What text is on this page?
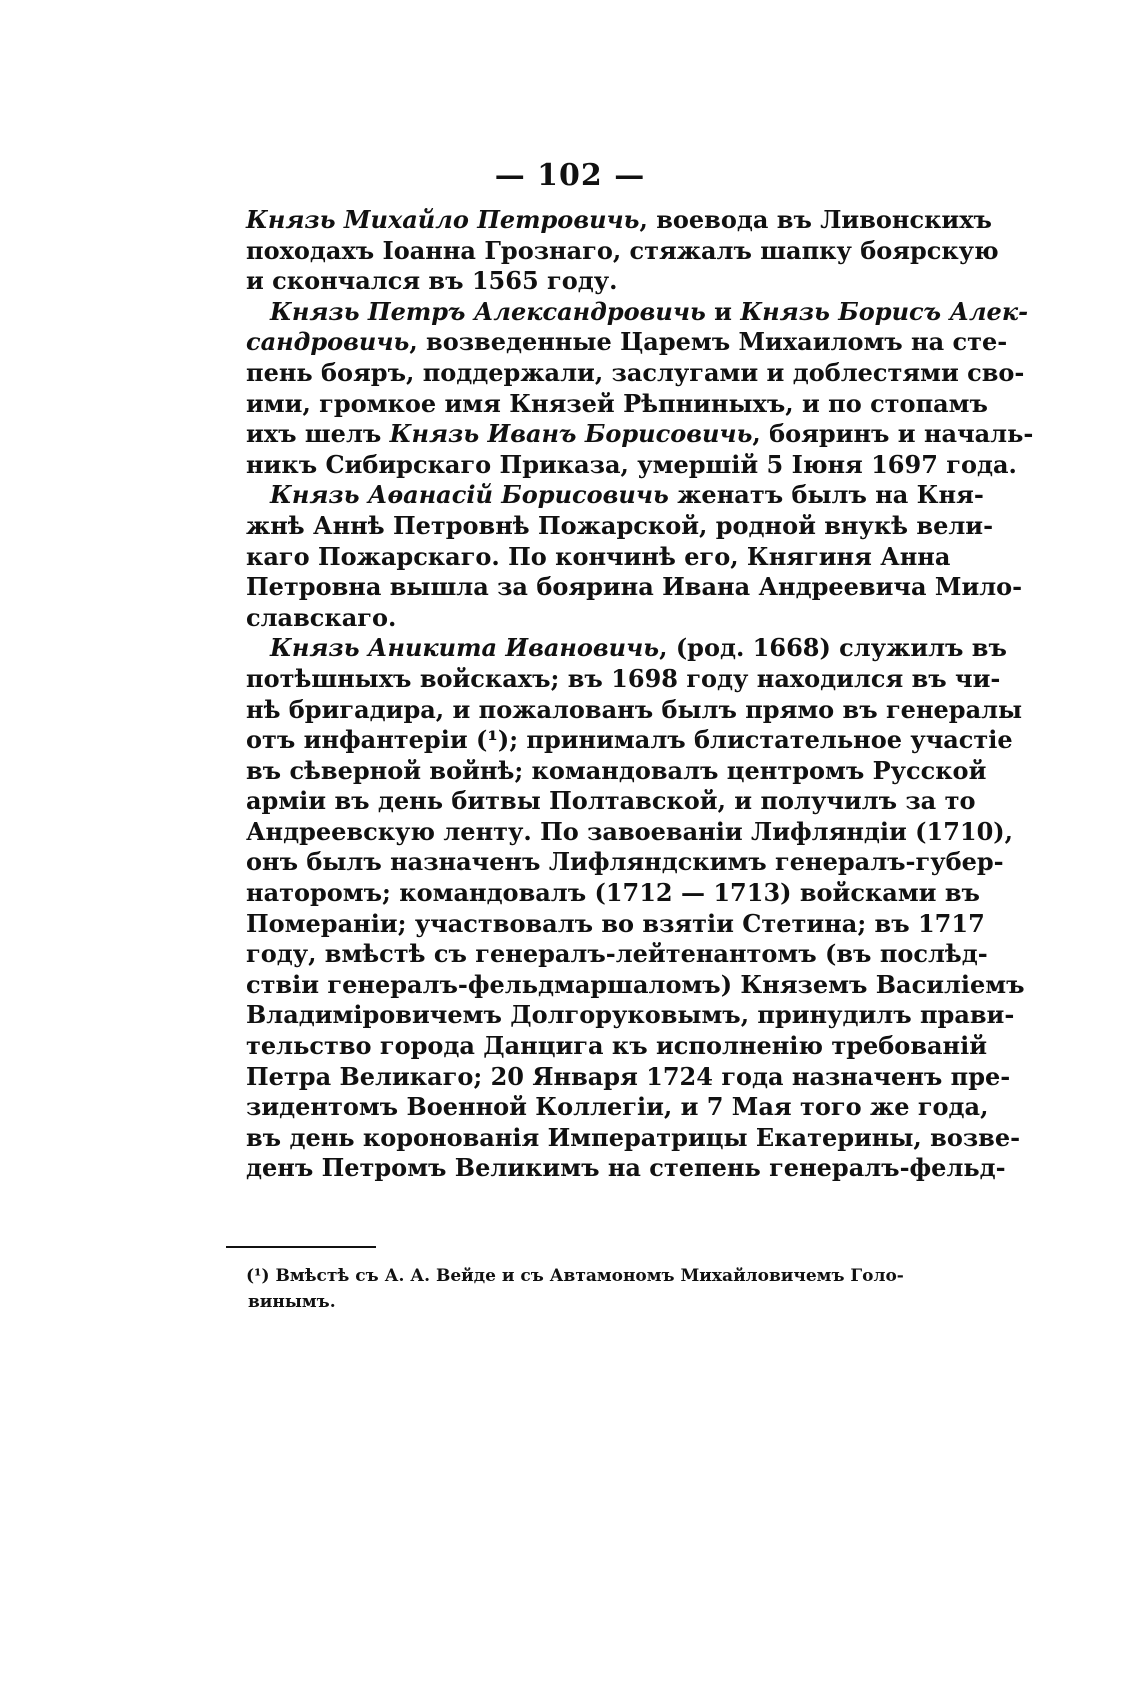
— 102 —
Князь Михайло Петровичь, воевода въ Ливонскихъ
походахъ Іоанна Грознаго, стяжалъ шапку боярскую
и скончался въ 1565 году.
Князь Петръ Александровичь и Князь Борисъ Алек-
сандровичь, возведенные Царемъ Михаиломъ на сте-
пень бояръ, поддержали, заслугами и доблестями сво-
ими, громкое имя Князей Рѣпниныхъ, и по стопамъ
ихъ шелъ Князь Иванъ Борисовичь, бояринъ и началь-
никъ Сибирскаго Приказа, умершій 5 Іюня 1697 года.
Князь Аѳанасій Борисовичь женатъ былъ на Кня-
жнѣ Аннѣ Петровнѣ Пожарской, родной внукѣ вели-
каго Пожарскаго. По кончинѣ его, Княгиня Анна
Петровна вышла за боярина Ивана Андреевича Мило-
славскаго.
Князь Аникита Ивановичь, (род. 1668) служилъ въ
потѣшныхъ войскахъ; въ 1698 году находился въ чи-
нѣ бригадира, и пожалованъ былъ прямо въ генералы
отъ инфантеріи (¹); принималъ блистательное участіе
въ сѣверной войнѣ; командовалъ центромъ Русской
арміи въ день битвы Полтавской, и получилъ за то
Андреевскую ленту. По завоеваніи Лифляндіи (1710),
онъ былъ назначенъ Лифляндскимъ генералъ-губер-
наторомъ; командовалъ (1712 — 1713) войсками въ
Помераніи; участвовалъ во взятіи Стетина; въ 1717
году, вмѣстѣ съ генералъ-лейтенантомъ (въ послѣд-
ствіи генералъ-фельдмаршаломъ) Княземъ Василіемъ
Владиміровичемъ Долгоруковымъ, принудилъ прави-
тельство города Данцига къ исполненію требованій
Петра Великаго; 20 Января 1724 года назначенъ пре-
зидентомъ Военной Коллегіи, и 7 Мая того же года,
въ день коронованія Императрицы Екатерины, возве-
денъ Петромъ Великимъ на степень генералъ-фельд-
(¹) Вмѣстѣ съ А. А. Вейде и съ Автамономъ Михайловичемъ Голо-
винымъ.
